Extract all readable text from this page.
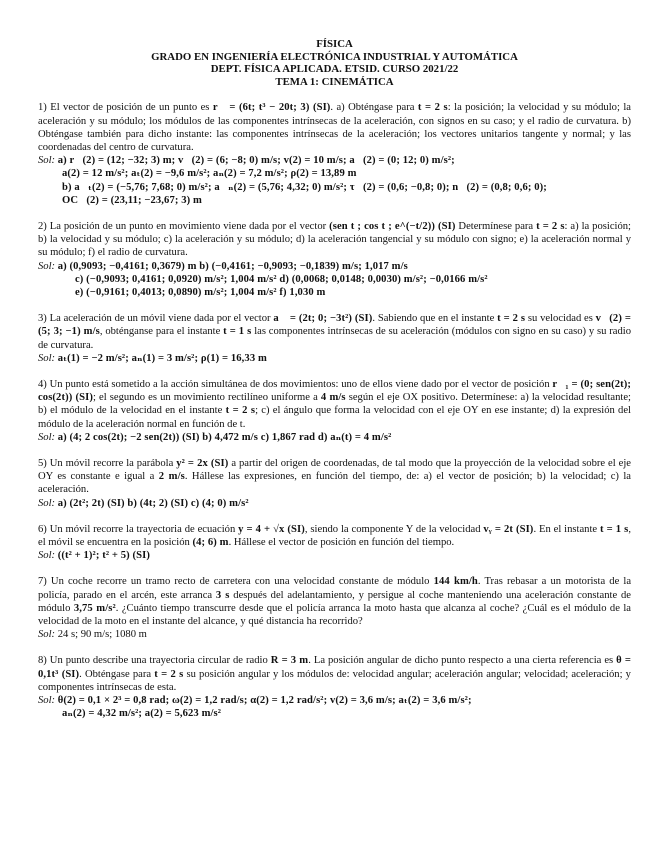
FÍSICA
GRADO EN INGENIERÍA ELECTRÓNICA INDUSTRIAL Y AUTOMÁTICA
DEPT. FÍSICA APLICADA. ETSID. CURSO 2021/22
TEMA 1: CINEMÁTICA
1) El vector de posición de un punto es r⃗ = (6t; t³ − 20t; 3) (SI). a) Obténgase para t = 2 s: la posición; la velocidad y su módulo; la aceleración y su módulo; los módulos de las componentes intrínsecas de la aceleración, con signos en su caso; y el radio de curvatura. b) Obténgase también para dicho instante: las componentes intrínsecas de la aceleración; los vectores unitarios tangente y normal; y las coordenadas del centro de curvatura.
Sol: a) r⃗(2) = (12; −32; 3) m; v⃗(2) = (6; −8; 0) m/s; v(2) = 10 m/s; a⃗(2) = (0; 12; 0) m/s²;
a(2) = 12 m/s²; aₜ(2) = −9,6 m/s²; aₙ(2) = 7,2 m/s²; ρ(2) = 13,89 m
b) a⃗ₜ(2) = (−5,76; 7,68; 0) m/s²; a⃗ₙ(2) = (5,76; 4,32; 0) m/s²; τ⃗(2) = (0,6; −0,8; 0); n⃗(2) = (0,8; 0,6; 0);
OC⃗(2) = (23,11; −23,67; 3) m
2) La posición de un punto en movimiento viene dada por el vector (sen t ; cos t ; e^(−t/2)) (SI) Determínese para t = 2 s: a) la posición; b) la velocidad y su módulo; c) la aceleración y su módulo; d) la aceleración tangencial y su módulo con signo; e) la aceleración normal y su módulo; f) el radio de curvatura.
Sol: a) (0,9093; −0,4161; 0,3679) m b) (−0,4161; −0,9093; −0,1839) m/s; 1,017 m/s
c) (−0,9093; 0,4161; 0,0920) m/s²; 1,004 m/s² d) (0,0068; 0,0148; 0,0030) m/s²; −0,0166 m/s²
e) (−0,9161; 0,4013; 0,0890) m/s²; 1,004 m/s² f) 1,030 m
3) La aceleración de un móvil viene dada por el vector a⃗ = (2t; 0; −3t²) (SI). Sabiendo que en el instante t = 2 s su velocidad es v⃗(2) = (5; 3; −1) m/s, obténganse para el instante t = 1 s las componentes intrínsecas de su aceleración (módulos con signo en su caso) y su radio de curvatura.
Sol: aₜ(1) = −2 m/s²; aₙ(1) = 3 m/s²; ρ(1) = 16,33 m
4) Un punto está sometido a la acción simultánea de dos movimientos: uno de ellos viene dado por el vector de posición r⃗₁ = (0; sen(2t); cos(2t)) (SI); el segundo es un movimiento rectilíneo uniforme a 4 m/s según el eje OX positivo. Determínese: a) la velocidad resultante; b) el módulo de la velocidad en el instante t = 2 s; c) el ángulo que forma la velocidad con el eje OY en ese instante; d) la expresión del módulo de la aceleración normal en función de t.
Sol: a) (4; 2 cos(2t); −2 sen(2t)) (SI) b) 4,472 m/s c) 1,867 rad d) aₙ(t) = 4 m/s²
5) Un móvil recorre la parábola y² = 2x (SI) a partir del origen de coordenadas, de tal modo que la proyección de la velocidad sobre el eje OY es constante e igual a 2 m/s. Hállese las expresiones, en función del tiempo, de: a) el vector de posición; b) la velocidad; c) la aceleración.
Sol: a) (2t²; 2t) (SI) b) (4t; 2) (SI) c) (4; 0) m/s²
6) Un móvil recorre la trayectoria de ecuación y = 4 + √x (SI), siendo la componente Y de la velocidad vᵧ = 2t (SI). En el instante t = 1 s, el móvil se encuentra en la posición (4; 6) m. Hállese el vector de posición en función del tiempo.
Sol: ((t² + 1)²; t² + 5) (SI)
7) Un coche recorre un tramo recto de carretera con una velocidad constante de módulo 144 km/h. Tras rebasar a un motorista de la policía, parado en el arcén, este arranca 3 s después del adelantamiento, y persigue al coche manteniendo una aceleración constante de módulo 3,75 m/s². ¿Cuánto tiempo transcurre desde que el policía arranca la moto hasta que alcanza al coche? ¿Cuál es el módulo de la velocidad de la moto en el instante del alcance, y qué distancia ha recorrido?
Sol: 24 s; 90 m/s; 1080 m
8) Un punto describe una trayectoria circular de radio R = 3 m. La posición angular de dicho punto respecto a una cierta referencia es θ = 0,1t³ (SI). Obténgase para t = 2 s su posición angular y los módulos de: velocidad angular; aceleración angular; velocidad; aceleración; y componentes intrínsecas de esta.
Sol: θ(2) = 0,1 × 2³ = 0,8 rad; ω(2) = 1,2 rad/s; α(2) = 1,2 rad/s²; v(2) = 3,6 m/s; aₜ(2) = 3,6 m/s²;
aₙ(2) = 4,32 m/s²; a(2) = 5,623 m/s²
